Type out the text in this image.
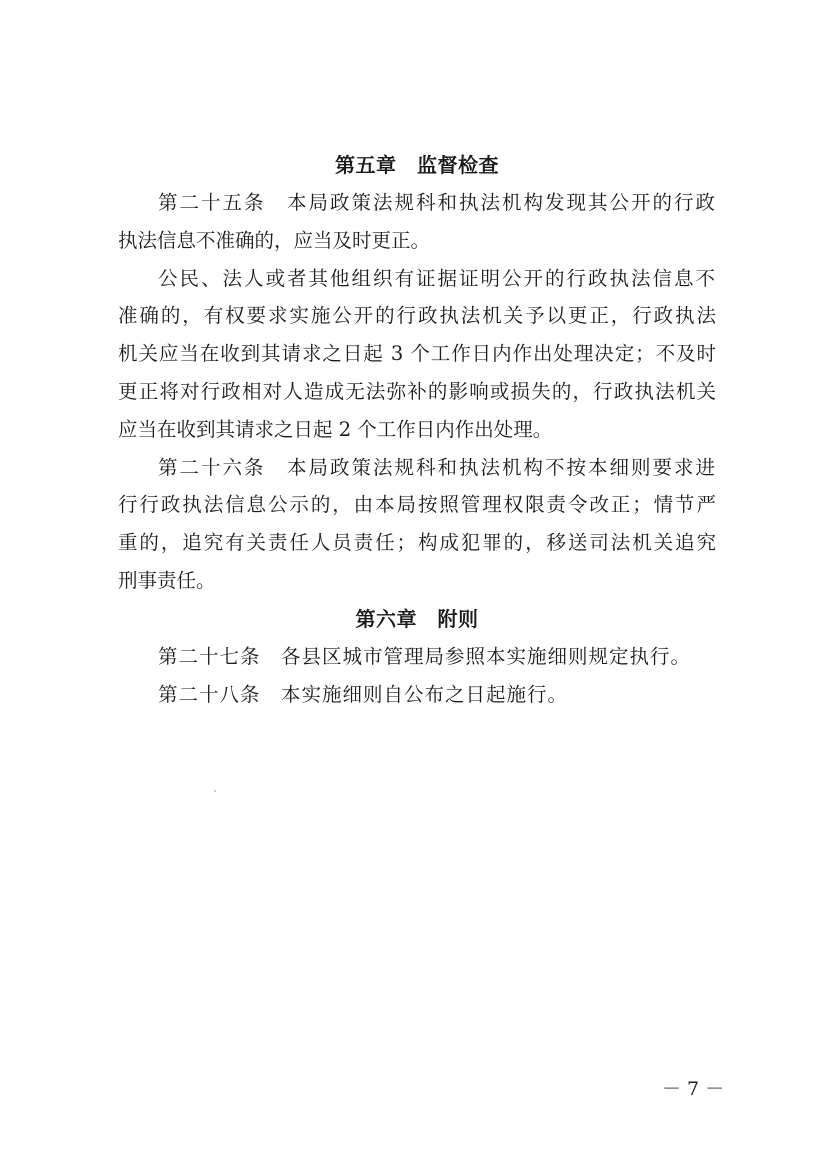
第五章　监督检查
第二十五条　本局政策法规科和执法机构发现其公开的行政
执法信息不准确的，应当及时更正。
公民、法人或者其他组织有证据证明公开的行政执法信息不
准确的，有权要求实施公开的行政执法机关予以更正，行政执法
机关应当在收到其请求之日起 3 个工作日内作出处理决定；不及时
更正将对行政相对人造成无法弥补的影响或损失的，行政执法机关
应当在收到其请求之日起 2 个工作日内作出处理。
第二十六条　本局政策法规科和执法机构不按本细则要求进
行行政执法信息公示的，由本局按照管理权限责令改正；情节严
重的，追究有关责任人员责任；构成犯罪的，移送司法机关追究
刑事责任。
第六章　附则
第二十七条　各县区城市管理局参照本实施细则规定执行。
第二十八条　本实施细则自公布之日起施行。
－ 7 －
